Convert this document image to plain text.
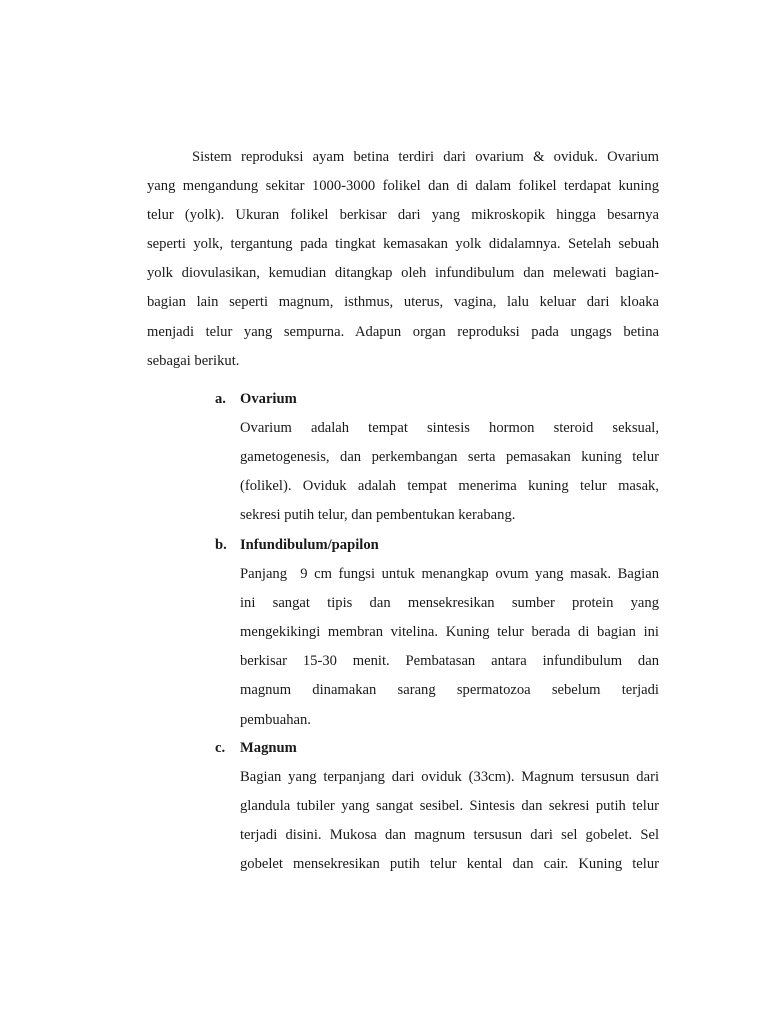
Sistem reproduksi ayam betina terdiri dari ovarium & oviduk. Ovarium
yang mengandung sekitar 1000-3000 folikel dan di dalam folikel terdapat kuning
telur (yolk). Ukuran folikel berkisar dari yang mikroskopik hingga besarnya
seperti yolk, tergantung pada tingkat kemasakan yolk didalamnya. Setelah sebuah
yolk diovulasikan, kemudian ditangkap oleh infundibulum dan melewati bagian-
bagian lain seperti magnum, isthmus, uterus, vagina, lalu keluar dari kloaka
menjadi telur yang sempurna. Adapun organ reproduksi pada ungags betina
sebagai berikut.
a. Ovarium
Ovarium adalah tempat sintesis hormon steroid seksual,
gametogenesis, dan perkembangan serta pemasakan kuning telur
(folikel). Oviduk adalah tempat menerima kuning telur masak,
sekresi putih telur, dan pembentukan kerabang.
b. Infundibulum/papilon
Panjang  9 cm fungsi untuk menangkap ovum yang masak. Bagian
ini sangat tipis dan mensekresikan sumber protein yang
mengekikingi membran vitelina. Kuning telur berada di bagian ini
berkisar 15-30 menit. Pembatasan antara infundibulum dan
magnum dinamakan sarang spermatozoa sebelum terjadi
pembuahan.
c.	Magnum
Bagian yang terpanjang dari oviduk (33cm). Magnum tersusun dari
glandula tubiler yang sangat sesibel. Sintesis dan sekresi putih telur
terjadi disini. Mukosa dan magnum tersusun dari sel gobelet. Sel
gobelet mensekresikan putih telur kental dan cair. Kuning telur
